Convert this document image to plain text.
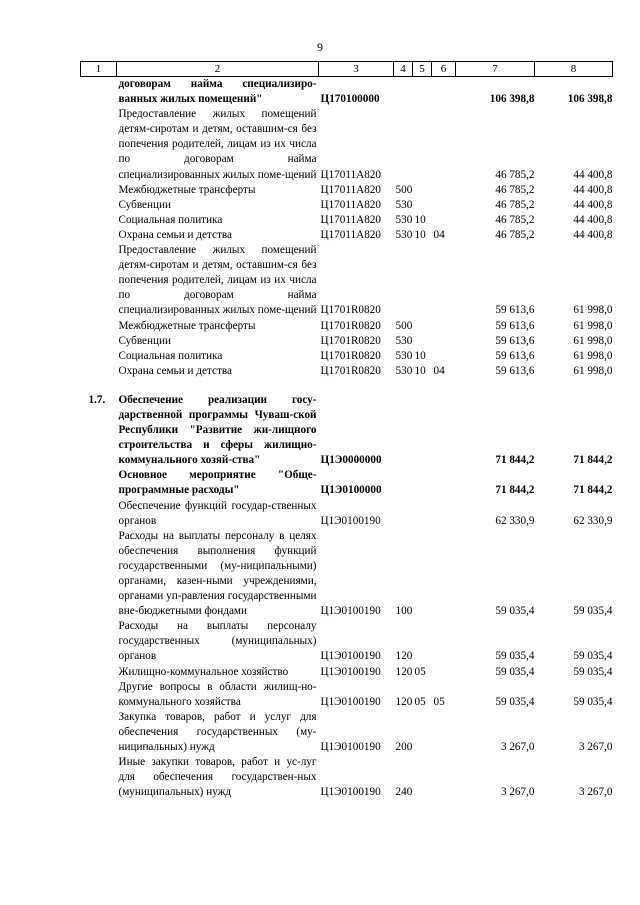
9
1	2	3	4	5	6	7	8
	договорам найма специализиро-ванных жилых помещений"	Ц170100000				106 398,8	106 398,8
	Предоставление жилых помещений детям-сиротам и детям, оставшим-ся без попечения родителей, лицам из их числа по договорам найма специализированных жилых поме-щений	Ц17011А820				46 785,2	44 400,8
	Межбюджетные трансферты	Ц17011А820	500			46 785,2	44 400,8
	Субвенции	Ц17011А820	530			46 785,2	44 400,8
	Социальная политика	Ц17011А820	530	10		46 785,2	44 400,8
	Охрана семьи и детства	Ц17011А820	530	10	04	46 785,2	44 400,8
	Предоставление жилых помещений детям-сиротам и детям, оставшим-ся без попечения родителей, лицам из их числа по договорам найма специализированных жилых поме-щений	Ц1701R0820				59 613,6	61 998,0
	Межбюджетные трансферты	Ц1701R0820	500			59 613,6	61 998,0
	Субвенции	Ц1701R0820	530			59 613,6	61 998,0
	Социальная политика	Ц1701R0820	530	10		59 613,6	61 998,0
	Охрана семьи и детства	Ц1701R0820	530	10	04	59 613,6	61 998,0

1.7.	Обеспечение реализации госу-дарственной программы Чуваш-ской Республики "Развитие жи-лищного строительства и сферы жилищно-коммунального хозяй-ства"	Ц1Э0000000				71 844,2	71 844,2
	Основное мероприятие "Обще-программные расходы"	Ц1Э0100000				71 844,2	71 844,2
	Обеспечение функций государ-ственных органов	Ц1Э0100190				62 330,9	62 330,9
	Расходы на выплаты персоналу в целях обеспечения выполнения функций государственными (му-ниципальными) органами, казен-ными учреждениями, органами уп-равления государственными вне-бюджетными фондами	Ц1Э0100190	100			59 035,4	59 035,4
	Расходы на выплаты персоналу государственных (муниципальных) органов	Ц1Э0100190	120			59 035,4	59 035,4
	Жилищно-коммунальное хозяйство	Ц1Э0100190	120	05		59 035,4	59 035,4
	Другие вопросы в области жилищ-но-коммунального хозяйства	Ц1Э0100190	120	05	05	59 035,4	59 035,4
	Закупка товаров, работ и услуг для обеспечения государственных (му-ниципальных) нужд	Ц1Э0100190	200			3 267,0	3 267,0
	Иные закупки товаров, работ и ус-луг для обеспечения государствен-ных (муниципальных) нужд	Ц1Э0100190	240			3 267,0	3 267,0
